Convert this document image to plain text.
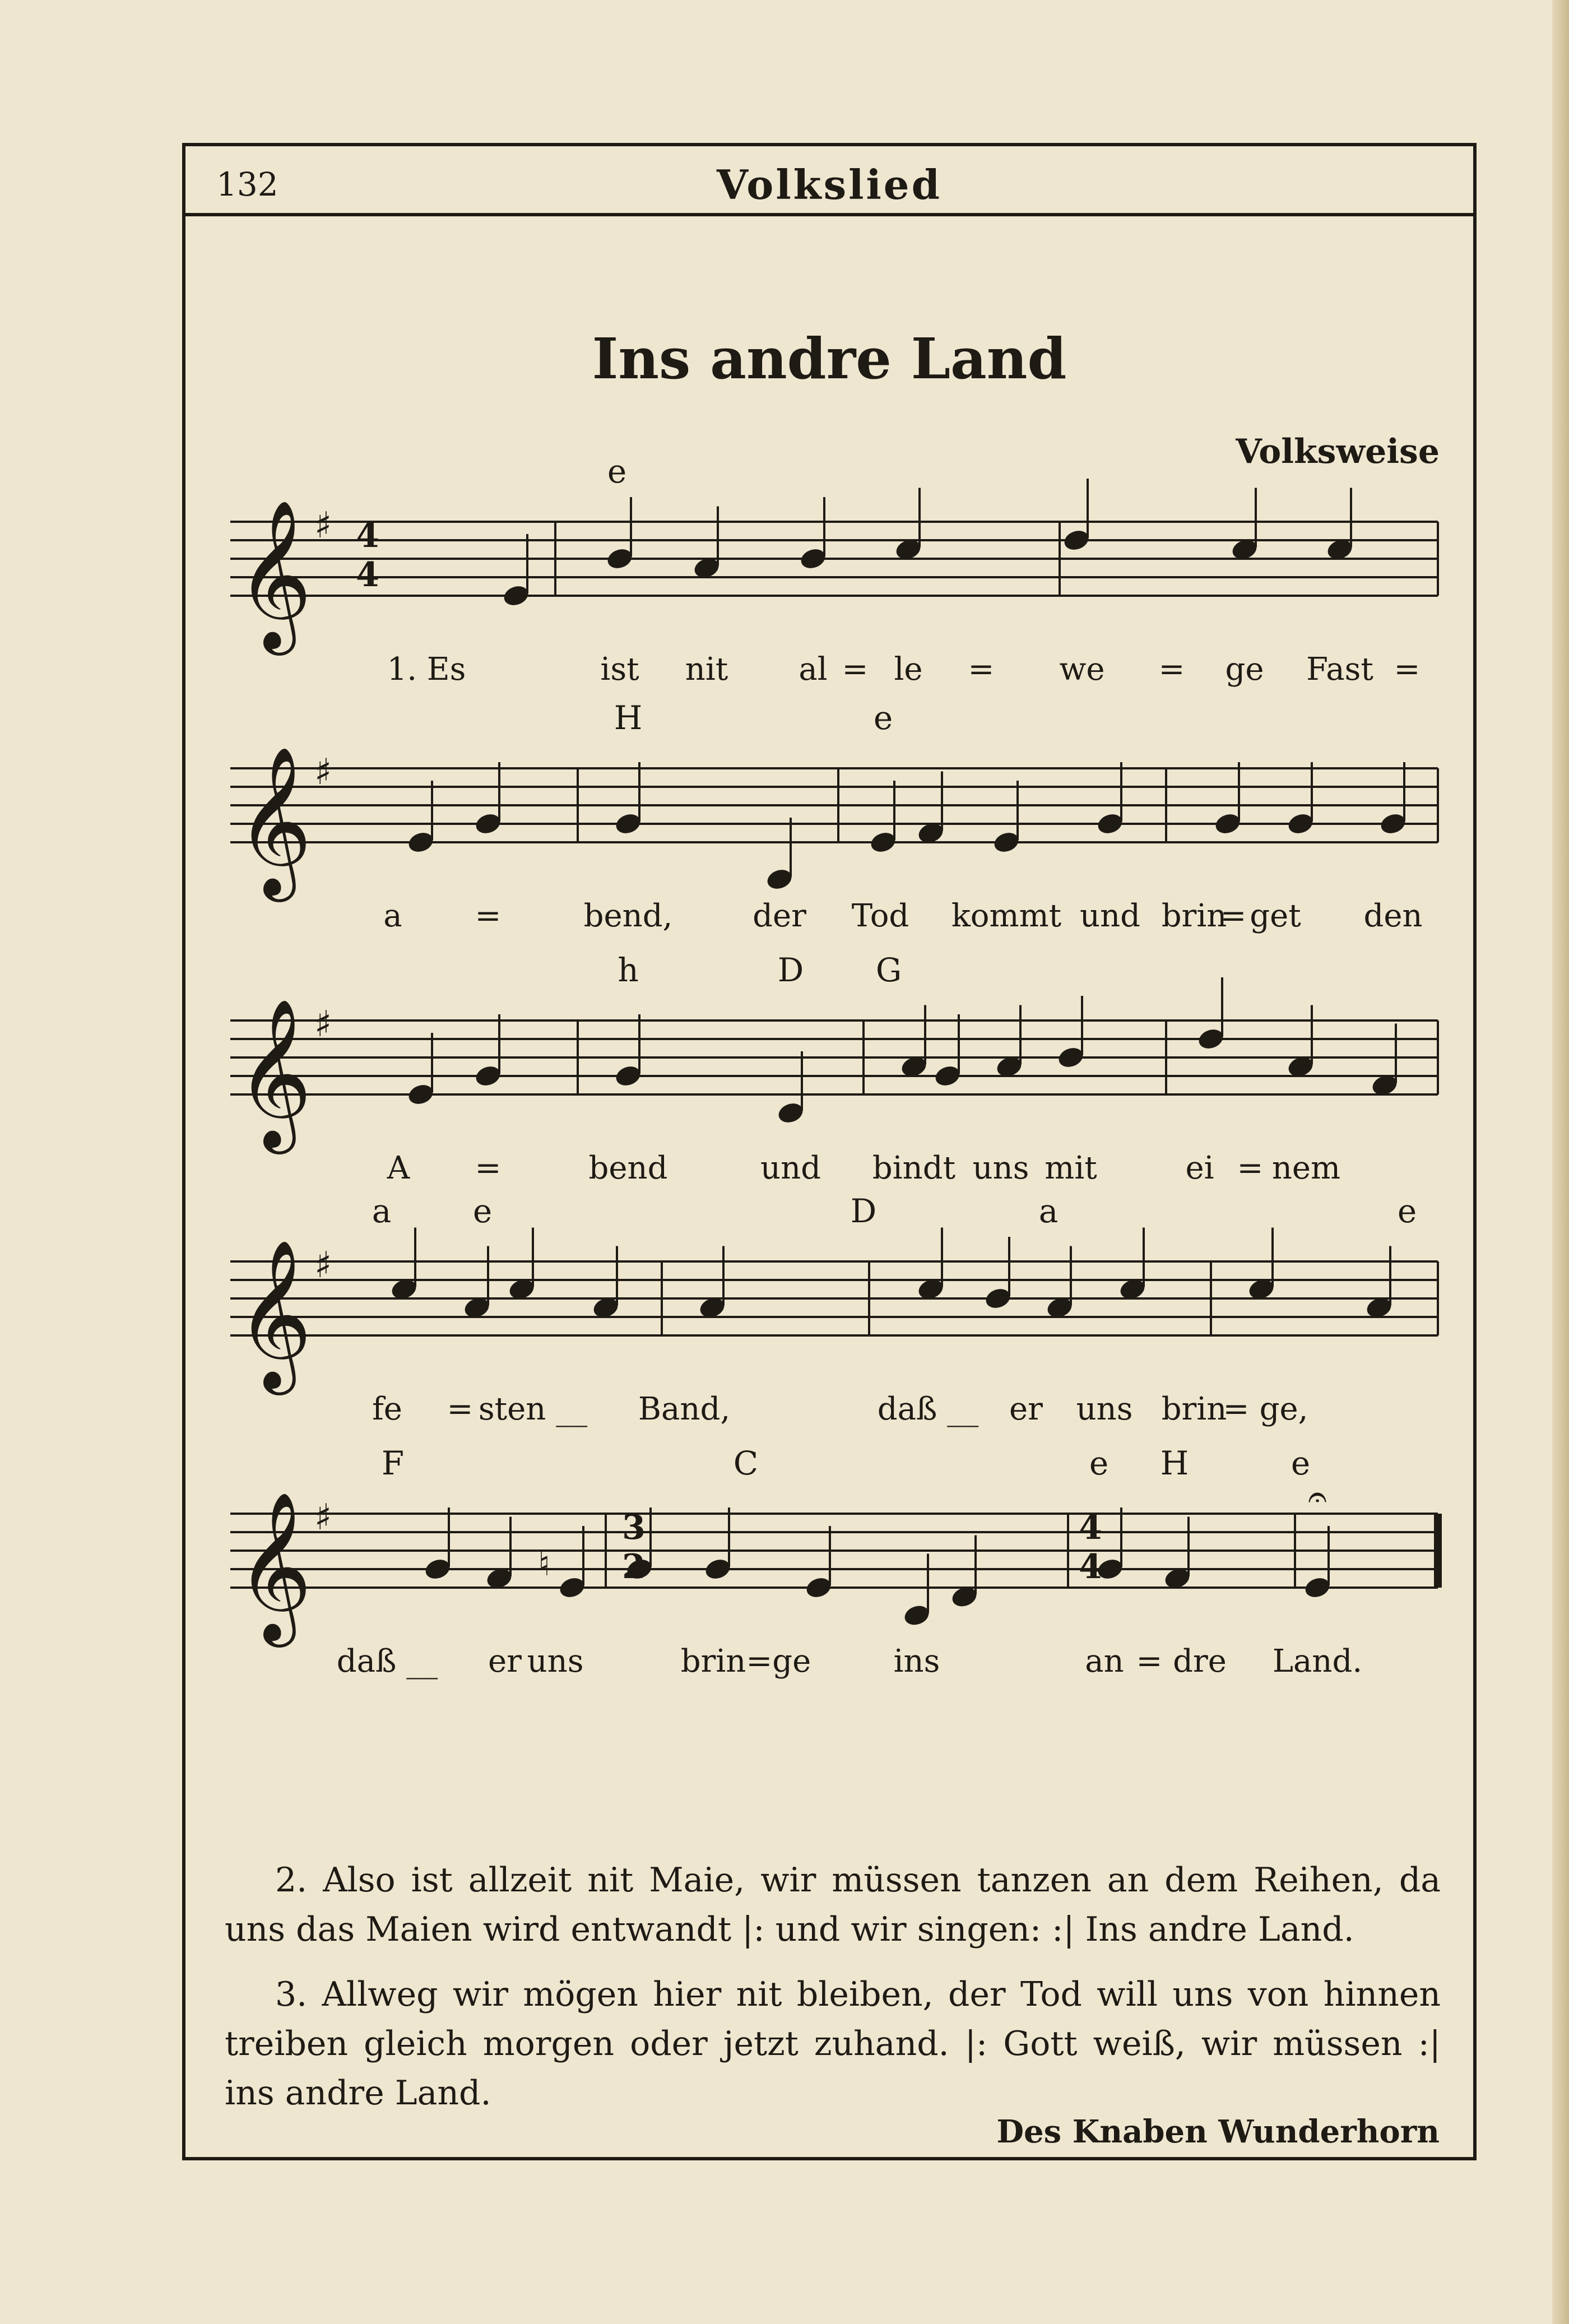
132	Volkslied
Ins andre Land
Volksweise
𝄞 ♯
e
1. Es	ist nit al = le = we = ge Fast =
𝄞 ♯
H	e
a =	bend,	der Tod kommt und brin
= get den
𝄞 ♯
h	D G
A =	bend	und bindt uns mit	ei = nem
𝄞 ♯
a	e	D	a	e
fe = sten __ Band,	daß __ er uns brin
= ge,
𝄞 ♯
F	C	e H	e
daß __ er uns	brin=ge	ins	an = dre Land.
4
4
3
2
4
4
♮
𝄐

2. Also ist allzeit nit Maie, wir müssen tanzen an dem Reihen, da uns das Maien wird entwandt |: und wir singen: :| Ins andre Land.

3. Allweg wir mögen hier nit bleiben, der Tod will uns von hinnen treiben gleich morgen oder jetzt zuhand. |: Gott weiß, wir müssen :| ins andre Land.

Des Knaben Wunderhorn
